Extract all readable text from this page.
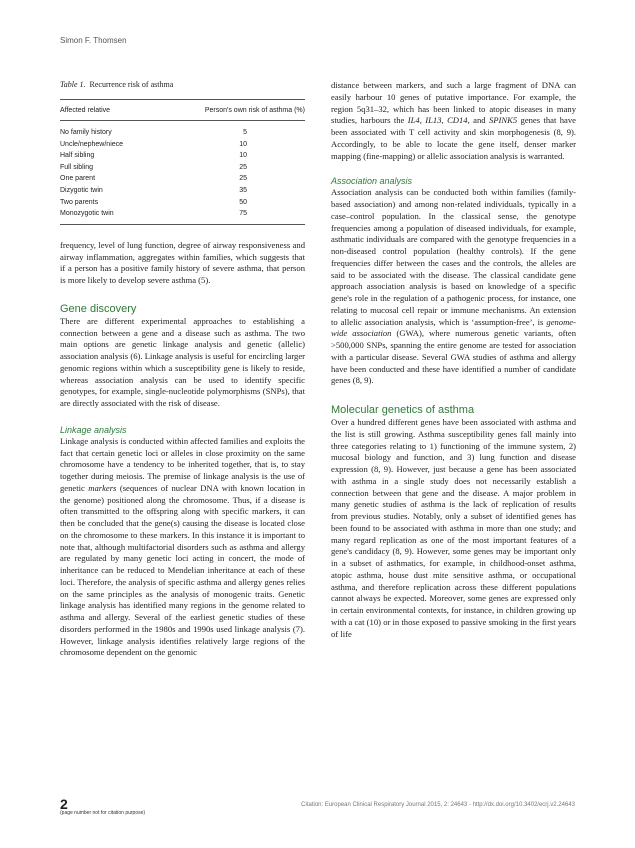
Simon F. Thomsen
Table 1. Recurrence risk of asthma
Affected relative	Person's own risk of asthma (%)
No family history	5
Uncle/nephew/niece	10
Half sibling	10
Full sibling	25
One parent	25
Dizygotic twin	35
Two parents	50
Monozygotic twin	75

frequency, level of lung function, degree of airway responsiveness and airway inflammation, aggregates within families, which suggests that if a person has a positive family history of severe asthma, that person is more likely to develop severe asthma (5).

Gene discovery

There are different experimental approaches to establishing a connection between a gene and a disease such as asthma. The two main options are genetic linkage analysis and genetic (allelic) association analysis (6). Linkage analysis is useful for encircling larger genomic regions within which a susceptibility gene is likely to reside, whereas association analysis can be used to identify specific genotypes, for example, single-nucleotide polymorphisms (SNPs), that are directly associated with the risk of disease.

Linkage analysis

Linkage analysis is conducted within affected families and exploits the fact that certain genetic loci or alleles in close proximity on the same chromosome have a tendency to be inherited together, that is, to stay together during meiosis. The premise of linkage analysis is the use of genetic markers (sequences of nuclear DNA with known location in the genome) positioned along the chromosome. Thus, if a disease is often transmitted to the offspring along with specific markers, it can then be concluded that the gene(s) causing the disease is located close on the chromosome to these markers. In this instance it is important to note that, although multifactorial disorders such as asthma and allergy are regulated by many genetic loci acting in concert, the mode of inheritance can be reduced to Mendelian inheritance at each of these loci. Therefore, the analysis of specific asthma and allergy genes relies on the same principles as the analysis of monogenic traits. Genetic linkage analysis has identified many regions in the genome related to asthma and allergy. Several of the earliest genetic studies of these disorders performed in the 1980s and 1990s used linkage analysis (7). However, linkage analysis identifies relatively large regions of the chromosome dependent on the genomic

distance between markers, and such a large fragment of DNA can easily harbour 10 genes of putative importance. For example, the region 5q31–32, which has been linked to atopic diseases in many studies, harbours the IL4, IL13, CD14, and SPINK5 genes that have been associated with T cell activity and skin morphogenesis (8, 9). Accordingly, to be able to locate the gene itself, denser marker mapping (fine-mapping) or allelic association analysis is warranted.

Association analysis

Association analysis can be conducted both within families (family-based association) and among non-related individuals, typically in a case–control population. In the classical sense, the genotype frequencies among a population of diseased individuals, for example, asthmatic individuals are compared with the genotype frequencies in a non-diseased control population (healthy controls). If the gene frequencies differ between the cases and the controls, the alleles are said to be associated with the disease. The classical candidate gene approach association analysis is based on knowledge of a specific gene's role in the regulation of a pathogenic process, for instance, one relating to mucosal cell repair or immune mechanisms. An extension to allelic association analysis, which is ‘assumption-free’, is genome-wide association (GWA), where numerous genetic variants, often >500,000 SNPs, spanning the entire genome are tested for association with a particular disease. Several GWA studies of asthma and allergy have been conducted and these have identified a number of candidate genes (8, 9).

Molecular genetics of asthma

Over a hundred different genes have been associated with asthma and the list is still growing. Asthma susceptibility genes fall mainly into three categories relating to 1) functioning of the immune system, 2) mucosal biology and function, and 3) lung function and disease expression (8, 9). However, just because a gene has been associated with asthma in a single study does not necessarily establish a connection between that gene and the disease. A major problem in many genetic studies of asthma is the lack of replication of results from previous studies. Notably, only a subset of identified genes has been found to be associated with asthma in more than one study; and many regard replication as one of the most important features of a gene's candidacy (8, 9). However, some genes may be important only in a subset of asthmatics, for example, in childhood-onset asthma, atopic asthma, house dust mite sensitive asthma, or occupational asthma, and therefore replication across these different populations cannot always be expected. Moreover, some genes are expressed only in certain environmental contexts, for instance, in children growing up with a cat (10) or in those exposed to passive smoking in the first years of life

2
(page number not for citation purpose)
Citation: European Clinical Respiratory Journal 2015, 2: 24643 - http://dx.doi.org/10.3402/ecrj.v2.24643
